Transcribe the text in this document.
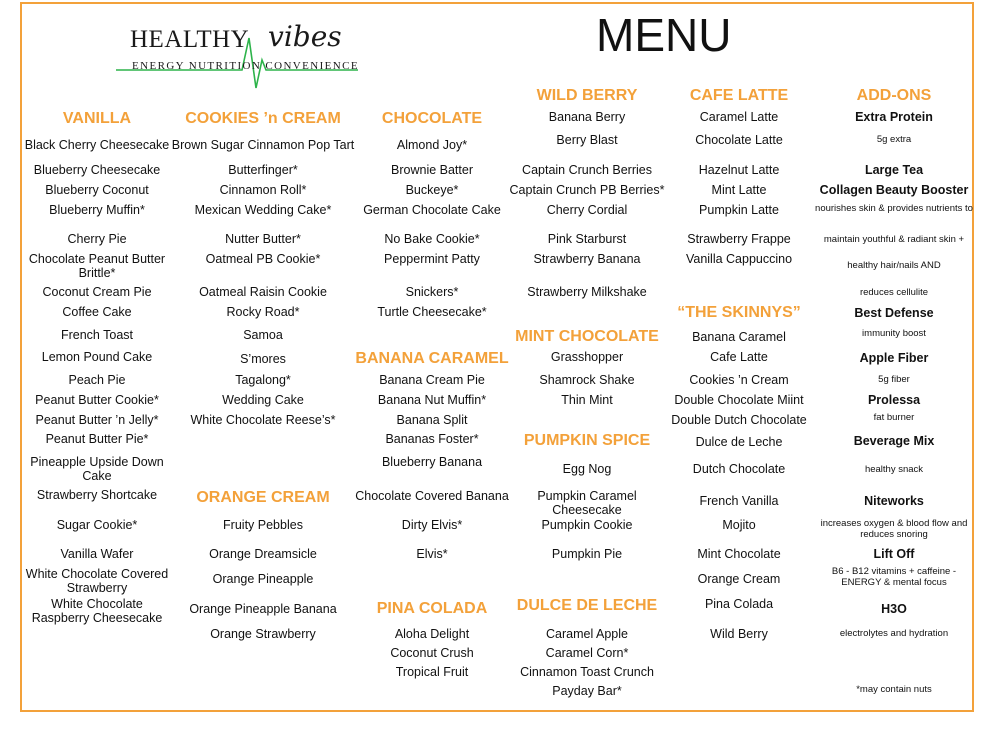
HEALTHY vibes
ENERGY NUTRITION CONVENIENCE
MENU
VANILLA
Black Cherry Cheesecake
Blueberry Cheesecake
Blueberry Coconut
Blueberry Muffin*
Cherry Pie
Chocolate Peanut Butter Brittle*
Coconut Cream Pie
Coffee Cake
French Toast
Lemon Pound Cake
Peach Pie
Peanut Butter Cookie*
Peanut Butter ’n Jelly*
Peanut Butter Pie*
Pineapple Upside Down Cake
Strawberry Shortcake
Sugar Cookie*
Vanilla Wafer
White Chocolate Covered Strawberry
White Chocolate Raspberry Cheesecake
COOKIES ’n CREAM
Brown Sugar Cinnamon Pop Tart
Butterfinger*
Cinnamon Roll*
Mexican Wedding Cake*
Nutter Butter*
Oatmeal PB Cookie*
Oatmeal Raisin Cookie
Rocky Road*
Samoa
S’mores
Tagalong*
Wedding Cake
White Chocolate Reese’s*
ORANGE CREAM
Fruity Pebbles
Orange Dreamsicle
Orange Pineapple
Orange Pineapple Banana
Orange Strawberry
CHOCOLATE
Almond Joy*
Brownie Batter
Buckeye*
German Chocolate Cake
No Bake Cookie*
Peppermint Patty
Snickers*
Turtle Cheesecake*
BANANA CARAMEL
Banana Cream Pie
Banana Nut Muffin*
Banana Split
Bananas Foster*
Blueberry Banana
Chocolate Covered Banana
Dirty Elvis*
Elvis*
PINA COLADA
Aloha Delight
Coconut Crush
Tropical Fruit
WILD BERRY
Banana Berry
Berry Blast
Captain Crunch Berries
Captain Crunch PB Berries*
Cherry Cordial
Pink Starburst
Strawberry Banana
Strawberry Milkshake
MINT CHOCOLATE
Grasshopper
Shamrock Shake
Thin Mint
PUMPKIN SPICE
Egg Nog
Pumpkin Caramel Cheesecake
Pumpkin Cookie
Pumpkin Pie
DULCE DE LECHE
Caramel Apple
Caramel Corn*
Cinnamon Toast Crunch
Payday Bar*
CAFE LATTE
Caramel Latte
Chocolate Latte
Hazelnut Latte
Mint Latte
Pumpkin Latte
Strawberry Frappe
Vanilla Cappuccino
“THE SKINNYS”
Banana Caramel
Cafe Latte
Cookies ’n Cream
Double Chocolate Miint
Double Dutch Chocolate
Dulce de Leche
Dutch Chocolate
French Vanilla
Mojito
Mint Chocolate
Orange Cream
Pina Colada
Wild Berry
ADD-ONS
Extra Protein
5g extra
Large Tea
Collagen Beauty Booster
nourishes skin & provides nutrients to
maintain youthful & radiant skin +
healthy hair/nails AND
reduces cellulite
Best Defense
immunity boost
Apple Fiber
5g fiber
Prolessa
fat burner
Beverage Mix
healthy snack
Niteworks
increases oxygen & blood flow and reduces snoring
Lift Off
B6 - B12 vitamins + caffeine - ENERGY & mental focus
H3O
electrolytes and hydration
*may contain nuts
